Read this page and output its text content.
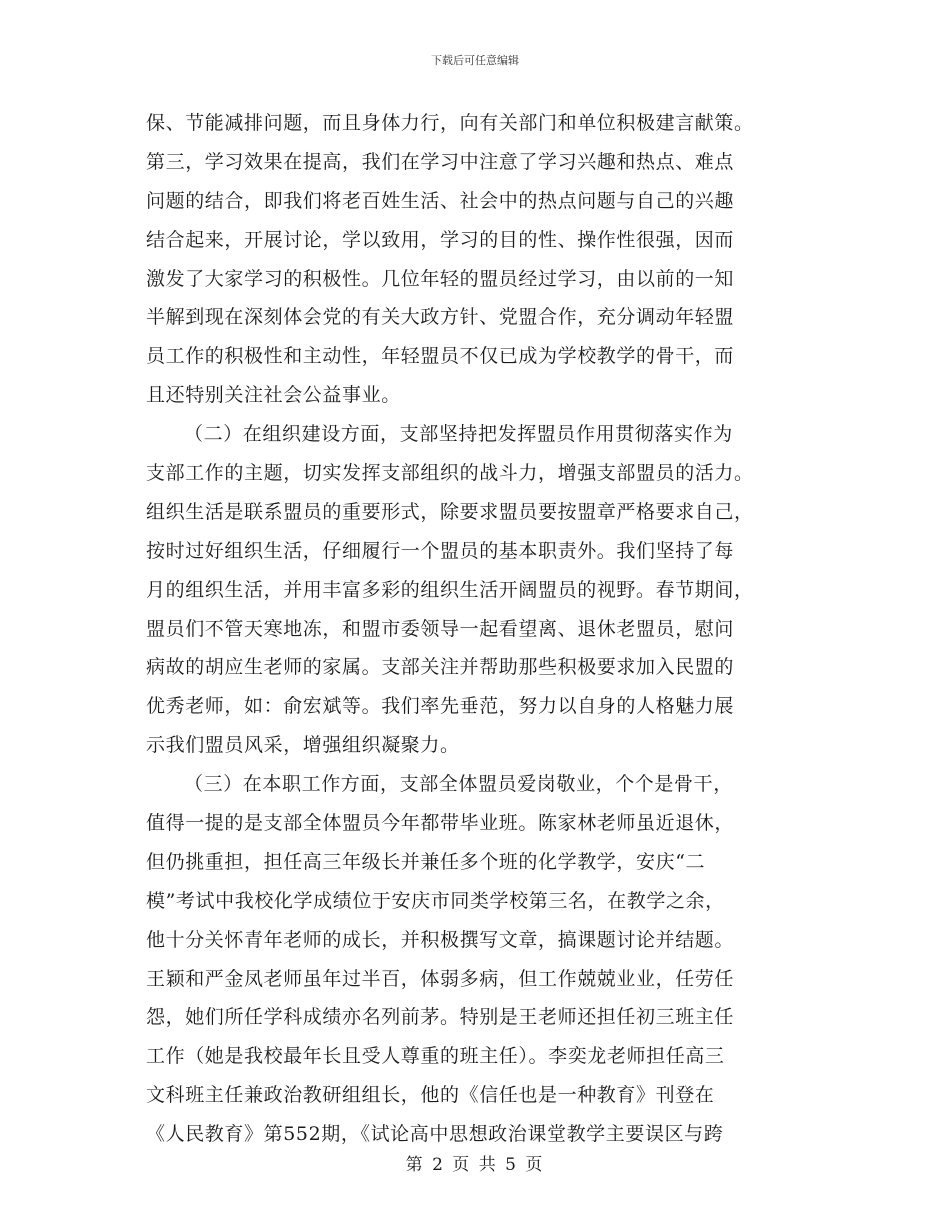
下载后可任意编辑
保、节能减排问题，而且身体力行，向有关部门和单位积极建言献策。
第三，学习效果在提高，我们在学习中注意了学习兴趣和热点、难点
问题的结合，即我们将老百姓生活、社会中的热点问题与自己的兴趣
结合起来，开展讨论，学以致用，学习的目的性、操作性很强，因而
激发了大家学习的积极性。几位年轻的盟员经过学习，由以前的一知
半解到现在深刻体会党的有关大政方针、党盟合作，充分调动年轻盟
员工作的积极性和主动性，年轻盟员不仅已成为学校教学的骨干，而
且还特别关注社会公益事业。
（二）在组织建设方面，支部坚持把发挥盟员作用贯彻落实作为
支部工作的主题，切实发挥支部组织的战斗力，增强支部盟员的活力。
组织生活是联系盟员的重要形式，除要求盟员要按盟章严格要求自己，
按时过好组织生活，仔细履行一个盟员的基本职责外。我们坚持了每
月的组织生活，并用丰富多彩的组织生活开阔盟员的视野。春节期间，
盟员们不管天寒地冻，和盟市委领导一起看望离、退休老盟员，慰问
病故的胡应生老师的家属。支部关注并帮助那些积极要求加入民盟的
优秀老师，如：俞宏斌等。我们率先垂范，努力以自身的人格魅力展
示我们盟员风采，增强组织凝聚力。
（三）在本职工作方面，支部全体盟员爱岗敬业，个个是骨干，
值得一提的是支部全体盟员今年都带毕业班。陈家林老师虽近退休，
但仍挑重担，担任高三年级长并兼任多个班的化学教学，安庆“二
模”考试中我校化学成绩位于安庆市同类学校第三名，在教学之余，
他十分关怀青年老师的成长，并积极撰写文章，搞课题讨论并结题。
王颖和严金凤老师虽年过半百，体弱多病，但工作兢兢业业，任劳任
怨，她们所任学科成绩亦名列前茅。特别是王老师还担任初三班主任
工作（她是我校最年长且受人尊重的班主任）。李奕龙老师担任高三
文科班主任兼政治教研组组长，他的《信任也是一种教育》刊登在
《人民教育》第552期，《试论高中思想政治课堂教学主要误区与跨
第 2 页 共 5 页
